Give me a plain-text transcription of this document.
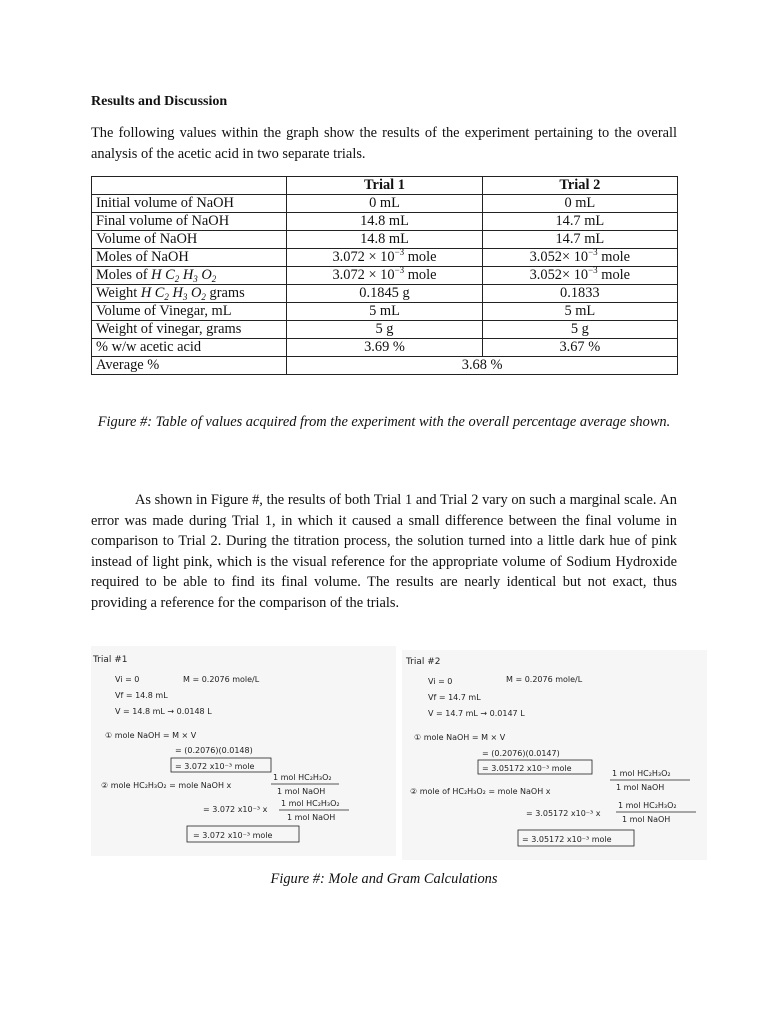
Results and Discussion
The following values within the graph show the results of the experiment pertaining to the overall analysis of the acetic acid in two separate trials.
	Trial 1	Trial 2
Initial volume of NaOH	0 mL	0 mL
Final volume of NaOH	14.8 mL	14.7 mL
Volume of NaOH	14.8 mL	14.7 mL
Moles of NaOH	$3.072 \times 10^{-3}$ mole	$3.052\times 10^{-3}$ mole
Moles of H $C_2$ $H_3$ $O_2$	$3.072 \times 10^{-3}$ mole	$3.052\times 10^{-3}$ mole
Weight H $C_2$ $H_3$ $O_2$ grams	0.1845 g	0.1833
Volume of Vinegar, mL	5 mL	5 mL
Weight of vinegar, grams	5 g	5 g
% w/w acetic acid	3.69 %	3.67 %
Average %	3.68 %	
Figure #: Table of values acquired from the experiment with the overall percentage average shown.
As shown in Figure #, the results of both Trial 1 and Trial 2 vary on such a marginal scale. An error was made during Trial 1, in which it caused a small difference between the final volume in comparison to Trial 2. During the titration process, the solution turned into a little dark hue of pink instead of light pink, which is the visual reference for the appropriate volume of Sodium Hydroxide required to be able to find its final volume. The results are nearly identical but not exact, thus providing a reference for the comparison of the trials.
Trial #1
Vi = 0	M = 0.2076 mole/L
Vf = 14.8 mL
V = 14.8 mL → 0.0148 L
① mole NaOH = M × V
= (0.2076)(0.0148)
= 3.072 x10⁻³ mole
② mole HC₂H₃O₂ = mole NaOH x
1 mol HC₂H₃O₂
1 mol NaOH
= 3.072 x10⁻³ x
1 mol HC₂H₃O₂
1 mol NaOH
= 3.072 x10⁻³ mole
Trial #2
Vi = 0	M = 0.2076 mole/L
Vf = 14.7 mL
V = 14.7 mL → 0.0147 L
① mole NaOH = M × V
= (0.2076)(0.0147)
= 3.05172 x10⁻³ mole
② mole of HC₂H₃O₂ = mole NaOH x
1 mol HC₂H₃O₂
1 mol NaOH
= 3.05172 x10⁻³ x
1 mol HC₂H₃O₂
1 mol NaOH
= 3.05172 x10⁻³ mole
Figure #: Mole and Gram Calculations
